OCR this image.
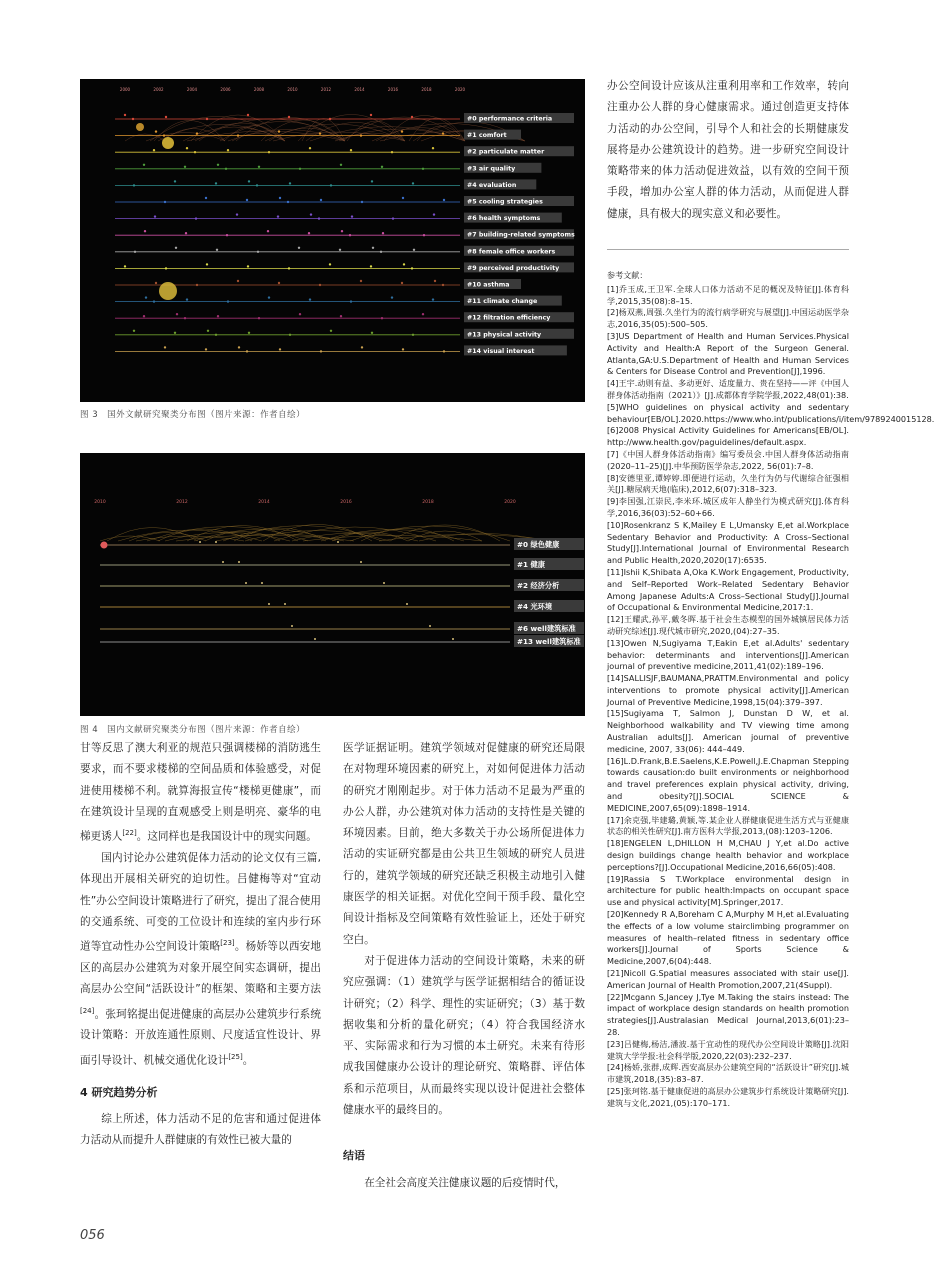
2000	2002	2004	2006	2008	2010	2012	2014	2016	2018	2020
#0 performance criteria
#1 comfort
#2 particulate matter
#3 air quality
#4 evaluation
#5 cooling strategies
#6 health symptoms
#7 building-related symptoms
#8 female office workers
#9 perceived productivity
#10 asthma
#11 climate change
#12 filtration efficiency
#13 physical activity
#14 visual interest
图 3　国外文献研究聚类分布图（图片来源：作者自绘）
2010	2012	2014	2016	2018	2020
#0 绿色健康
#1 健康
#2 经济分析
#4 光环境
#6 well建筑标准
#13 well建筑标准
图 4　国内文献研究聚类分布图（图片来源：作者自绘）

甘等反思了澳大利亚的规范只强调楼梯的消防逃生要求，而不要求楼梯的空间品质和体验感受，对促进使用楼梯不利。就算海报宣传“楼梯更健康”，而在建筑设计呈现的直观感受上则是明亮、豪华的电梯更诱人[22]。这同样也是我国设计中的现实问题。

国内讨论办公建筑促体力活动的论文仅有三篇,体现出开展相关研究的迫切性。吕健梅等对“宜动性”办公空间设计策略进行了研究，提出了混合使用的交通系统、可变的工位设计和连续的室内步行环道等宜动性办公空间设计策略[23]。杨娇等以西安地区的高层办公建筑为对象开展空间实态调研，提出高层办公空间“活跃设计”的框架、策略和主要方法[24]。张珂铭提出促进健康的高层办公建筑步行系统设计策略：开放连通性原则、尺度适宜性设计、界面引导设计、机械交通优化设计[25]。

4 研究趋势分析

综上所述，体力活动不足的危害和通过促进体力活动从而提升人群健康的有效性已被大量的

医学证据证明。建筑学领域对促健康的研究还局限在对物理环境因素的研究上，对如何促进体力活动的研究才刚刚起步。对于体力活动不足最为严重的办公人群，办公建筑对体力活动的支持性是关键的环境因素。目前，绝大多数关于办公场所促进体力活动的实证研究都是由公共卫生领域的研究人员进行的，建筑学领域的研究还缺乏积极主动地引入健康医学的相关证据。对优化空间干预手段、量化空间设计指标及空间策略有效性验证上，还处于研究空白。

对于促进体力活动的空间设计策略，未来的研究应强调：（1）建筑学与医学证据相结合的循证设计研究；（2）科学、理性的实证研究；（3）基于数据收集和分析的量化研究；（4）符合我国经济水平、实际需求和行为习惯的本土研究。未来有待形成我国健康办公设计的理论研究、策略群、评估体系和示范项目，从而最终实现以设计促进社会整体健康水平的最终目的。

结语

在全社会高度关注健康议题的后疫情时代，

办公空间设计应该从注重利用率和工作效率，转向注重办公人群的身心健康需求。通过创造更支持体力活动的办公空间，引导个人和社会的长期健康发展将是办公建筑设计的趋势。进一步研究空间设计策略带来的体力活动促进效益，以有效的空间干预手段，增加办公室人群的体力活动，从而促进人群健康，具有极大的现实意义和必要性。

参考文献：
[1]乔玉成,王卫军.全球人口体力活动不足的概况及特征[J].体育科学,2015,35(08):8–15.
[2]杨双燕,周强.久坐行为的流行病学研究与展望[J].中国运动医学杂志,2016,35(05):500–505.
[3]US Department of Health and Human Services.Physical Activity and Health:A Report of the Surgeon General. Atlanta,GA:U.S.Department of Health and Human Services & Centers for Disease Control and Prevention[J],1996.
[4]王宇.动则有益、多动更好、适度量力、贵在坚持——评《中国人群身体活动指南（2021）》[J].成都体育学院学报,2022,48(01):38.
[5]WHO guidelines on physical activity and sedentary behaviour[EB/OL].2020.https://www.who.int/publications/i/item/9789240015128.
[6]2008 Physical Activity Guidelines for Americans[EB/OL]. http://www.health.gov/paguidelines/default.aspx.
[7]《中国人群身体活动指南》编写委员会.中国人群身体活动指南(2020–11–25)[J].中华预防医学杂志,2022, 56(01):7–8.
[8]安德里亚,谭婷婷.即便进行运动，久坐行为仍与代谢综合征强相关[J].糖尿病天地(临床),2012,6(07):318–323.
[9]李国强,江崇民,李米环.城区成年人静坐行为模式研究[J].体育科学,2016,36(03):52–60+66.
[10]Rosenkranz S K,Mailey E L,Umansky E,et al.Workplace Sedentary Behavior and Productivity: A Cross–Sectional Study[J].International Journal of Environmental Research and Public Health,2020,2020(17):6535.
[11]Ishii K,Shibata A,Oka K.Work Engagement, Productivity, and Self–Reported Work–Related Sedentary Behavior Among Japanese Adults:A Cross–Sectional Study[J].Journal of Occupational & Environmental Medicine,2017:1.
[12]王耀武,孙平,戴冬晖.基于社会生态模型的国外城镇居民体力活动研究综述[J].现代城市研究,2020,(04):27–35.
[13]Owen N,Sugiyama T,Eakin E,et al.Adults' sedentary behavior: determinants and interventions[J].American journal of preventive medicine,2011,41(02):189–196.
[14]SALLISJF,BAUMANA,PRATTM.Environmental and policy interventions to promote physical activity[J].American Journal of Preventive Medicine,1998,15(04):379–397.
[15]Sugiyama T, Salmon J, Dunstan D W, et al. Neighborhood walkability and TV viewing time among Australian adults[J]. American journal of preventive medicine, 2007, 33(06): 444–449.
[16]L.D.Frank,B.E.Saelens,K.E.Powell,J.E.Chapman Stepping towards causation:do built environments or neighborhood and travel preferences explain physical activity, driving, and obesity?[J].SOCIAL SCIENCE & MEDICINE,2007,65(09):1898–1914.
[17]余克强,毕建璐,黄颖,等.某企业人群健康促进生活方式与亚健康状态的相关性研究[J].南方医科大学报,2013,(08):1203–1206.
[18]ENGELEN L,DHILLON H M,CHAU J Y,et al.Do active design buildings change health behavior and workplace perceptions?[J].Occupational Medicine,2016,66(05):408.
[19]Rassia S T.Workplace environmental design in architecture for public health:Impacts on occupant space use and physical activity[M].Springer,2017.
[20]Kennedy R A,Boreham C A,Murphy M H,et al.Evaluating the effects of a low volume stairclimbing programmer on measures of health–related fitness in sedentary office workers[J].Journal of Sports Science & Medicine,2007,6(04):448.
[21]Nicoll G.Spatial measures associated with stair use[J]. American Journal of Health Promotion,2007,21(4Suppl).
[22]Mcgann S,Jancey J,Tye M.Taking the stairs instead: The impact of workplace design standards on health promotion strategies[J].Australasian Medical Journal,2013,6(01):23–28.
[23]吕健梅,杨洁,潘波.基于宜动性的现代办公空间设计策略[J].沈阳建筑大学学报:社会科学版,2020,22(03):232–237.
[24]杨娇,张群,成辉.西安高层办公建筑空间的“活跃设计”研究[J].城市建筑,2018,(35):83–87.
[25]张珂铭.基于健康促进的高层办公建筑步行系统设计策略研究[J].建筑与文化,2021,(05):170–171.
056
